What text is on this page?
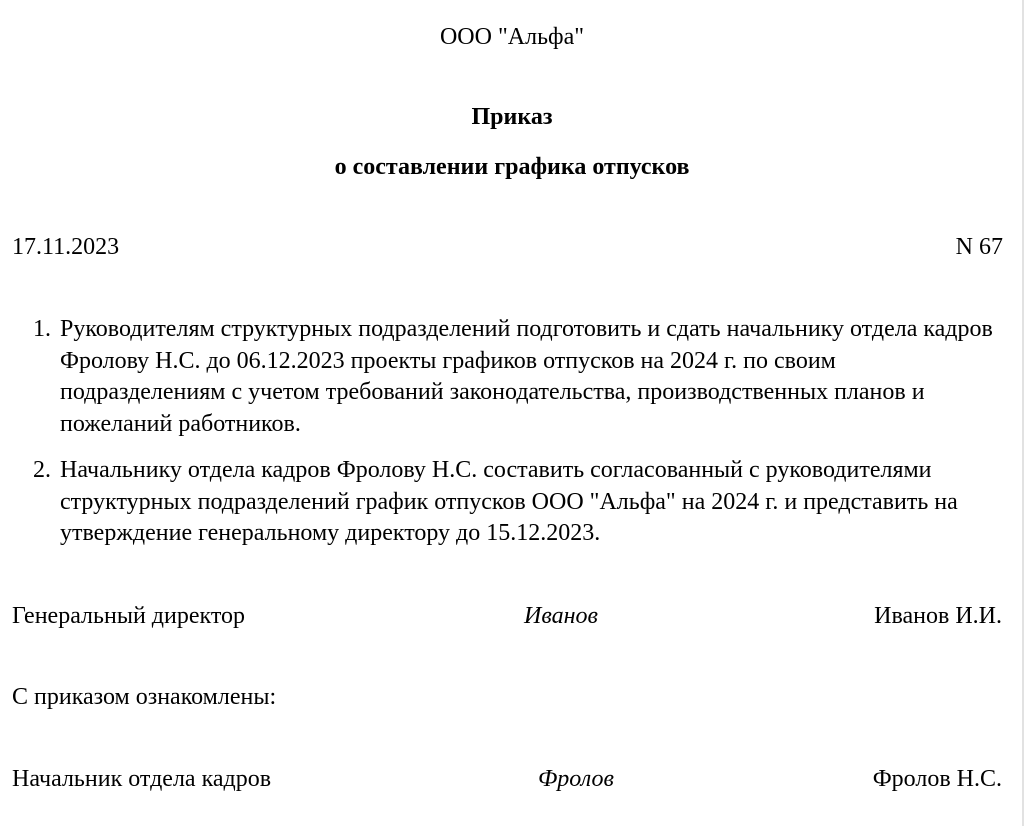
ООО "Альфа"
Приказ
о составлении графика отпусков
17.11.2023	N 67
1. Руководителям структурных подразделений подготовить и сдать начальнику отдела кадров Фролову Н.С. до 06.12.2023 проекты графиков отпусков на 2024 г. по своим подразделениям с учетом требований законодательства, производственных планов и пожеланий работников.
2. Начальнику отдела кадров Фролову Н.С. составить согласованный с руководителями структурных подразделений график отпусков ООО "Альфа" на 2024 г. и представить на утверждение генеральному директору до 15.12.2023.
Генеральный директор	Иванов	Иванов И.И.
С приказом ознакомлены:
Начальник отдела кадров	Фролов	Фролов Н.С.
